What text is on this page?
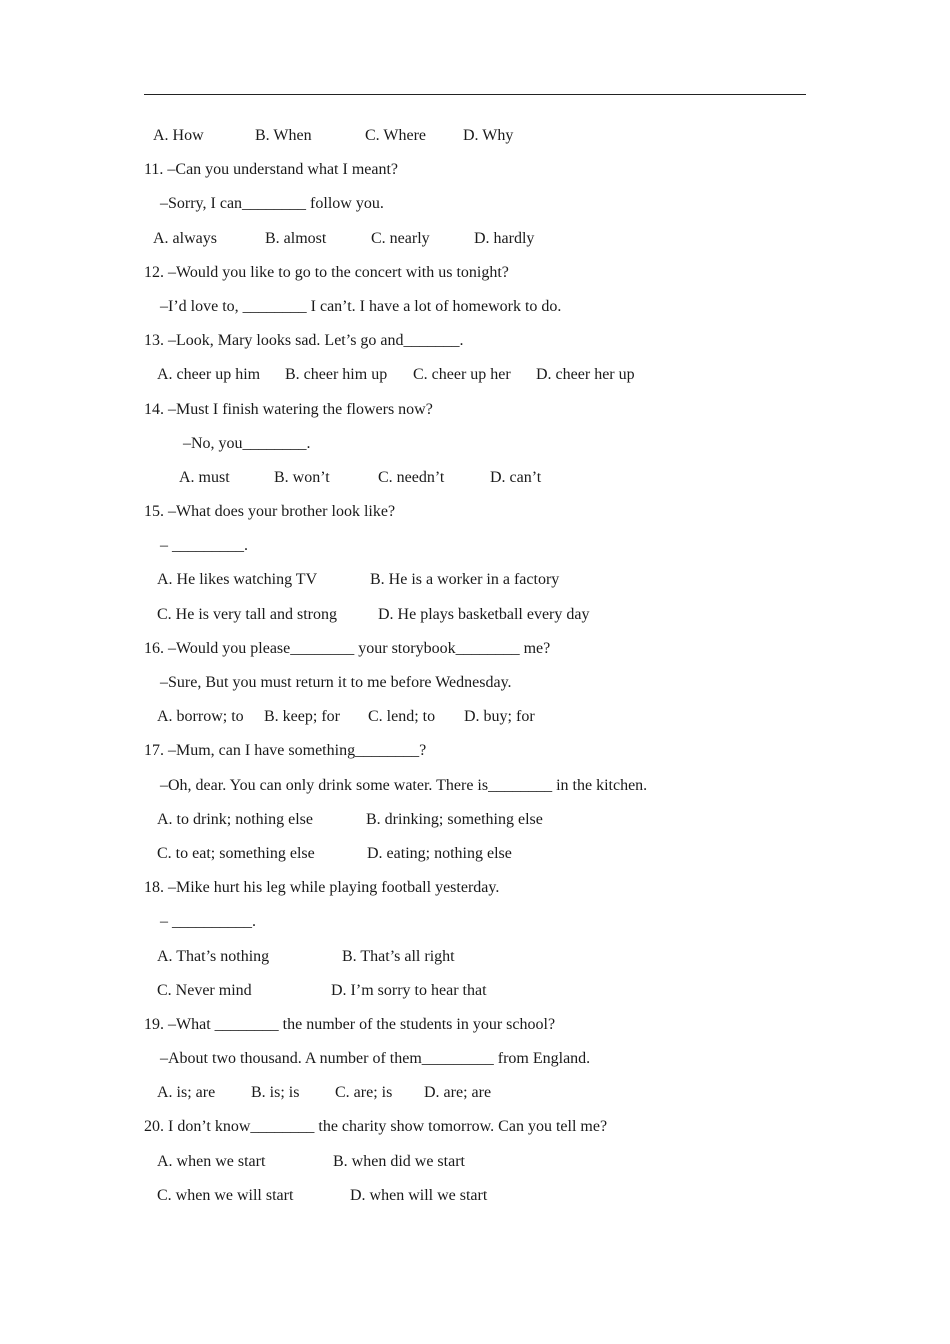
A. How	B. When	C. Where D. Why
11. –Can you understand what I meant?
–Sorry, I can________ follow you.
A. always	B. almost	C. nearly	D. hardly
12. –Would you like to go to the concert with us tonight?
–I’d love to, ________ I can’t. I have a lot of homework to do.
13. –Look, Mary looks sad. Let’s go and_______.
A. cheer up him B. cheer him up C. cheer up her D. cheer her up
14. –Must I finish watering the flowers now?
–No, you________.
A. must	B. won’t	C. needn’t	D. can’t
15. –What does your brother look like?
– _________.
A. He likes watching TV	B. He is a worker in a factory
C. He is very tall and strong	D. He plays basketball every day
16. –Would you please________ your storybook________ me?
–Sure, But you must return it to me before Wednesday.
A. borrow; to B. keep; for C. lend; to D. buy; for
17. –Mum, can I have something________?
–Oh, dear. You can only drink some water. There is________ in the kitchen.
A. to drink; nothing else	B. drinking; something else
C. to eat; something else	D. eating; nothing else
18. –Mike hurt his leg while playing football yesterday.
– __________.
A. That’s nothing	B. That’s all right
C. Never mind	D. I’m sorry to hear that
19. –What ________ the number of the students in your school?
–About two thousand. A number of them_________ from England.
A. is; are B. is; is C. are; is D. are; are
20. I don’t know________ the charity show tomorrow. Can you tell me?
A. when we start	B. when did we start
C. when we will start	D. when will we start
